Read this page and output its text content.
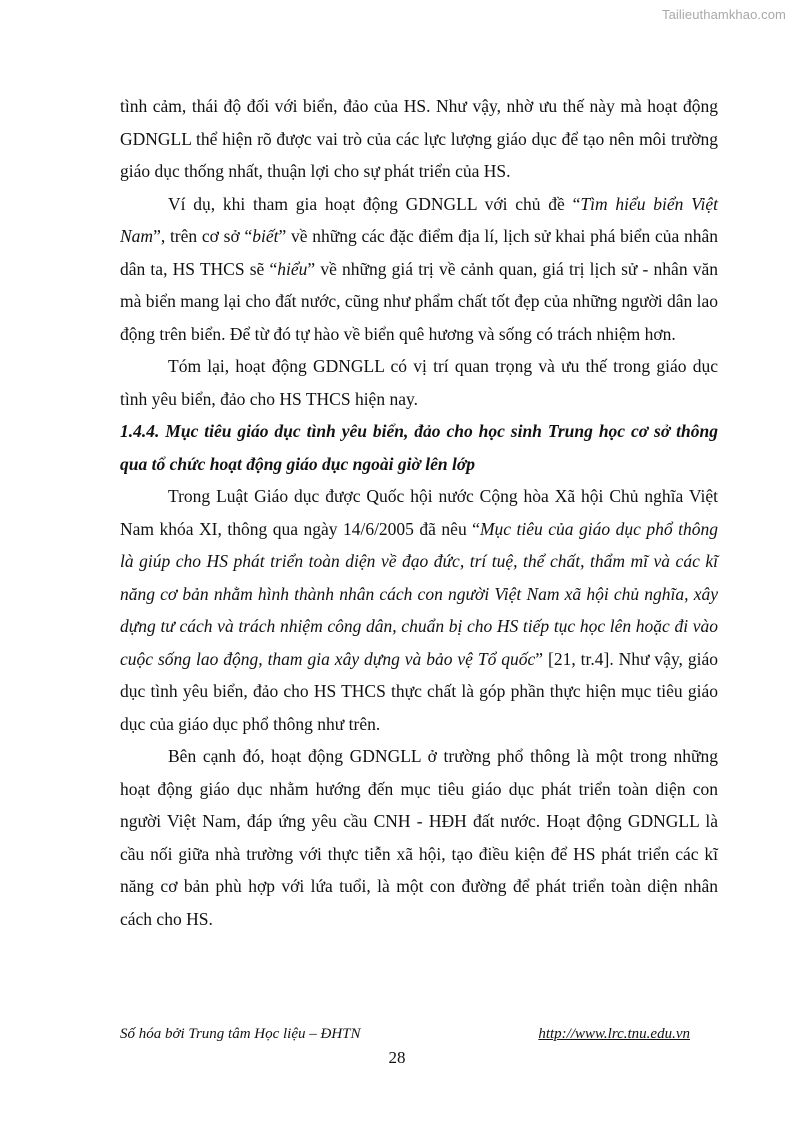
Tailieuthamkhao.com

tình cảm, thái độ đối với biển, đảo của HS. Như vậy, nhờ ưu thế này mà hoạt động GDNGLL thể hiện rõ được vai trò của các lực lượng giáo dục để tạo nên môi trường giáo dục thống nhất, thuận lợi cho sự phát triển của HS.

Ví dụ, khi tham gia hoạt động GDNGLL với chủ đề “Tìm hiểu biển Việt Nam”, trên cơ sở “biết” về những các đặc điểm địa lí, lịch sử khai phá biển của nhân dân ta, HS THCS sẽ “hiểu” về những giá trị về cảnh quan, giá trị lịch sử - nhân văn mà biển mang lại cho đất nước, cũng như phẩm chất tốt đẹp của những người dân lao động trên biển. Để từ đó tự hào về biển quê hương và sống có trách nhiệm hơn.

Tóm lại, hoạt động GDNGLL có vị trí quan trọng và ưu thế trong giáo dục tình yêu biển, đảo cho HS THCS hiện nay.

1.4.4. Mục tiêu giáo dục tình yêu biển, đảo cho học sinh Trung học cơ sở thông qua tổ chức hoạt động giáo dục ngoài giờ lên lớp

Trong Luật Giáo dục được Quốc hội nước Cộng hòa Xã hội Chủ nghĩa Việt Nam khóa XI, thông qua ngày 14/6/2005 đã nêu “Mục tiêu của giáo dục phổ thông là giúp cho HS phát triển toàn diện về đạo đức, trí tuệ, thể chất, thẩm mĩ và các kĩ năng cơ bản nhằm hình thành nhân cách con người Việt Nam xã hội chủ nghĩa, xây dựng tư cách và trách nhiệm công dân, chuẩn bị cho HS tiếp tục học lên hoặc đi vào cuộc sống lao động, tham gia xây dựng và bảo vệ Tổ quốc” [21, tr.4]. Như vậy, giáo dục tình yêu biển, đảo cho HS THCS thực chất là góp phần thực hiện mục tiêu giáo dục của giáo dục phổ thông như trên.

Bên cạnh đó, hoạt động GDNGLL ở trường phổ thông là một trong những hoạt động giáo dục nhằm hướng đến mục tiêu giáo dục phát triển toàn diện con người Việt Nam, đáp ứng yêu cầu CNH - HĐH đất nước. Hoạt động GDNGLL là cầu nối giữa nhà trường với thực tiễn xã hội, tạo điều kiện để HS phát triển các kĩ năng cơ bản phù hợp với lứa tuổi, là một con đường để phát triển toàn diện nhân cách cho HS.

Số hóa bởi Trung tâm Học liệu – ĐHTN	http://www.lrc.tnu.edu.vn
28
